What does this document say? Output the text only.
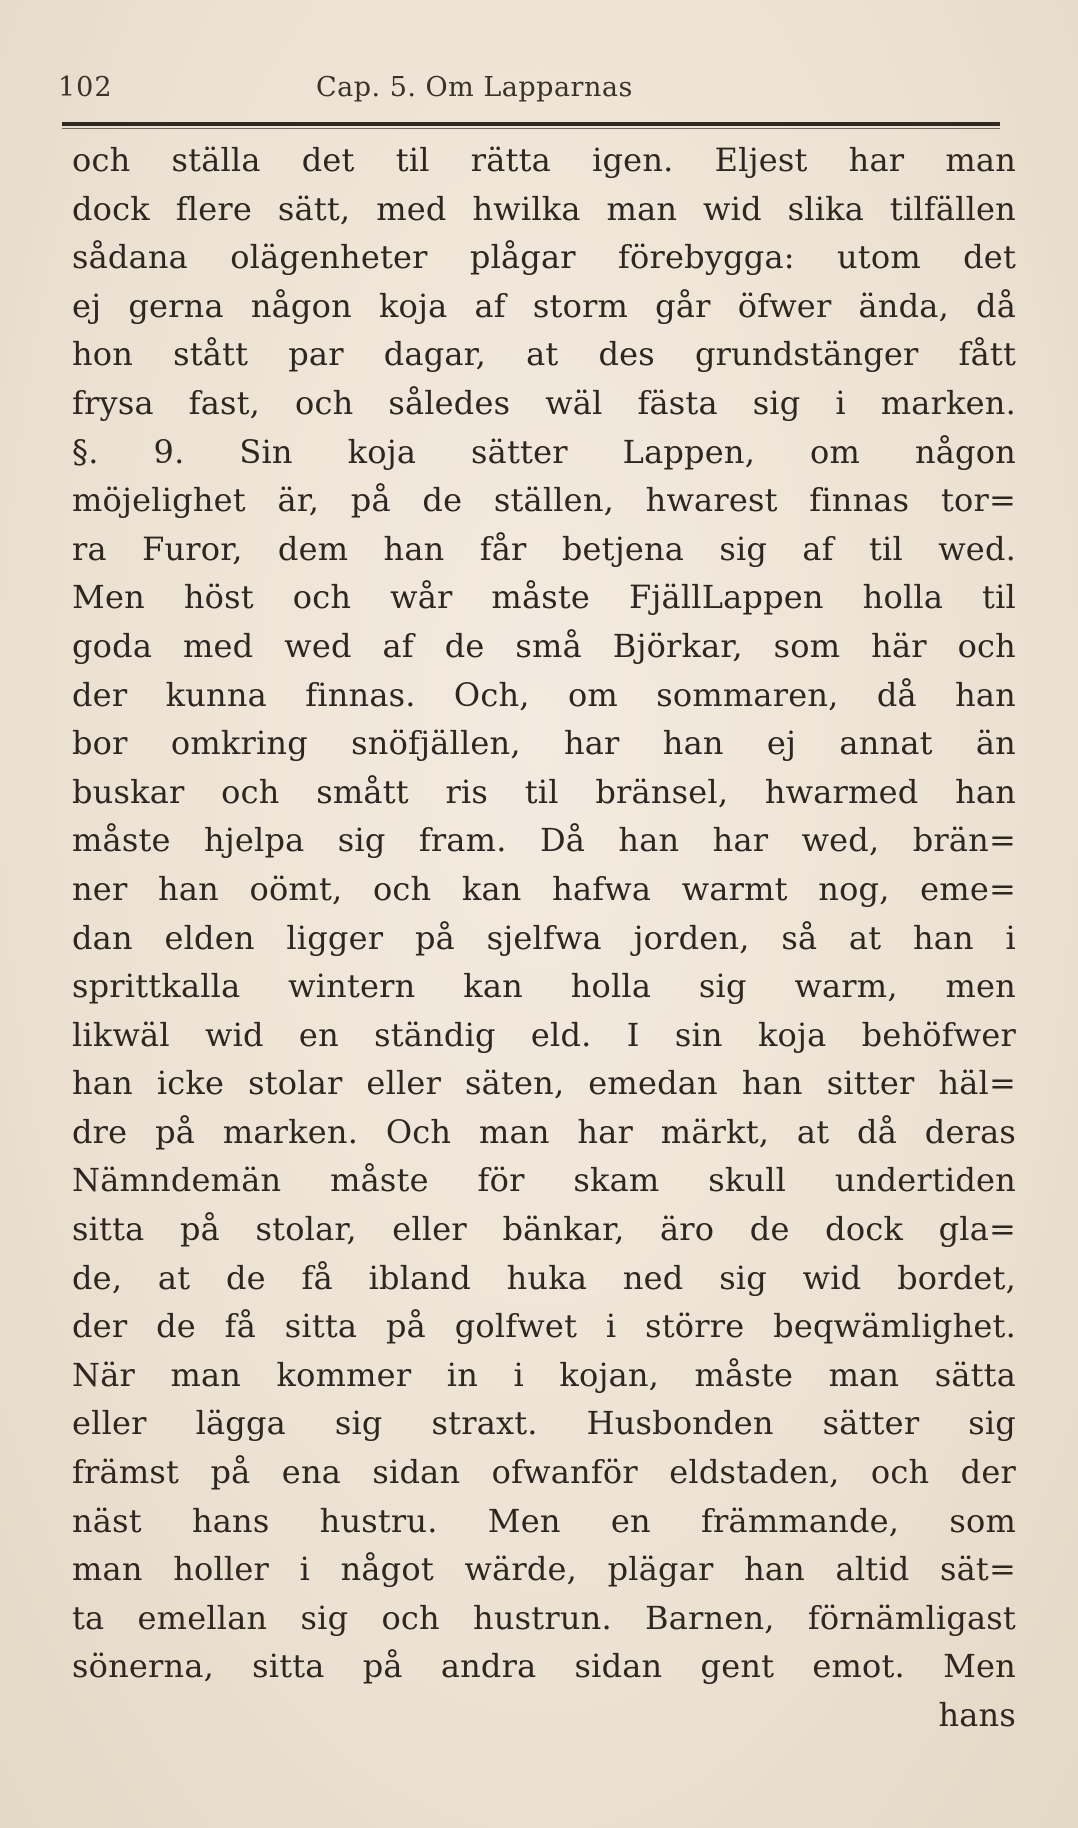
102	Cap. 5. Om Lapparnas
och ställa det til rätta igen. Eljest har man
dock flere sätt, med hwilka man wid slika tilfällen
sådana olägenheter plågar förebygga: utom det
ej gerna någon koja af storm går öfwer ända, då
hon stått par dagar, at des grundstänger fått
frysa fast, och således wäl fästa sig i marken.
§. 9. Sin koja sätter Lappen, om någon
möjelighet är, på de ställen, hwarest finnas tor=
ra Furor, dem han får betjena sig af til wed.
Men höst och wår måste FjällLappen holla til
goda med wed af de små Björkar, som här och
der kunna finnas. Och, om sommaren, då han
bor omkring snöfjällen, har han ej annat än
buskar och smått ris til bränsel, hwarmed han
måste hjelpa sig fram. Då han har wed, brän=
ner han oömt, och kan hafwa warmt nog, eme=
dan elden ligger på sjelfwa jorden, så at han i
sprittkalla wintern kan holla sig warm, men
likwäl wid en ständig eld. I sin koja behöfwer
han icke stolar eller säten, emedan han sitter häl=
dre på marken. Och man har märkt, at då deras
Nämndemän måste för skam skull undertiden
sitta på stolar, eller bänkar, äro de dock gla=
de, at de få ibland huka ned sig wid bordet,
der de få sitta på golfwet i större beqwämlighet.
När man kommer in i kojan, måste man sätta
eller lägga sig straxt. Husbonden sätter sig
främst på ena sidan ofwanför eldstaden, och der
näst hans hustru. Men en främmande, som
man holler i något wärde, plägar han altid sät=
ta emellan sig och hustrun. Barnen, förnämligast
sönerna, sitta på andra sidan gent emot. Men
hans
